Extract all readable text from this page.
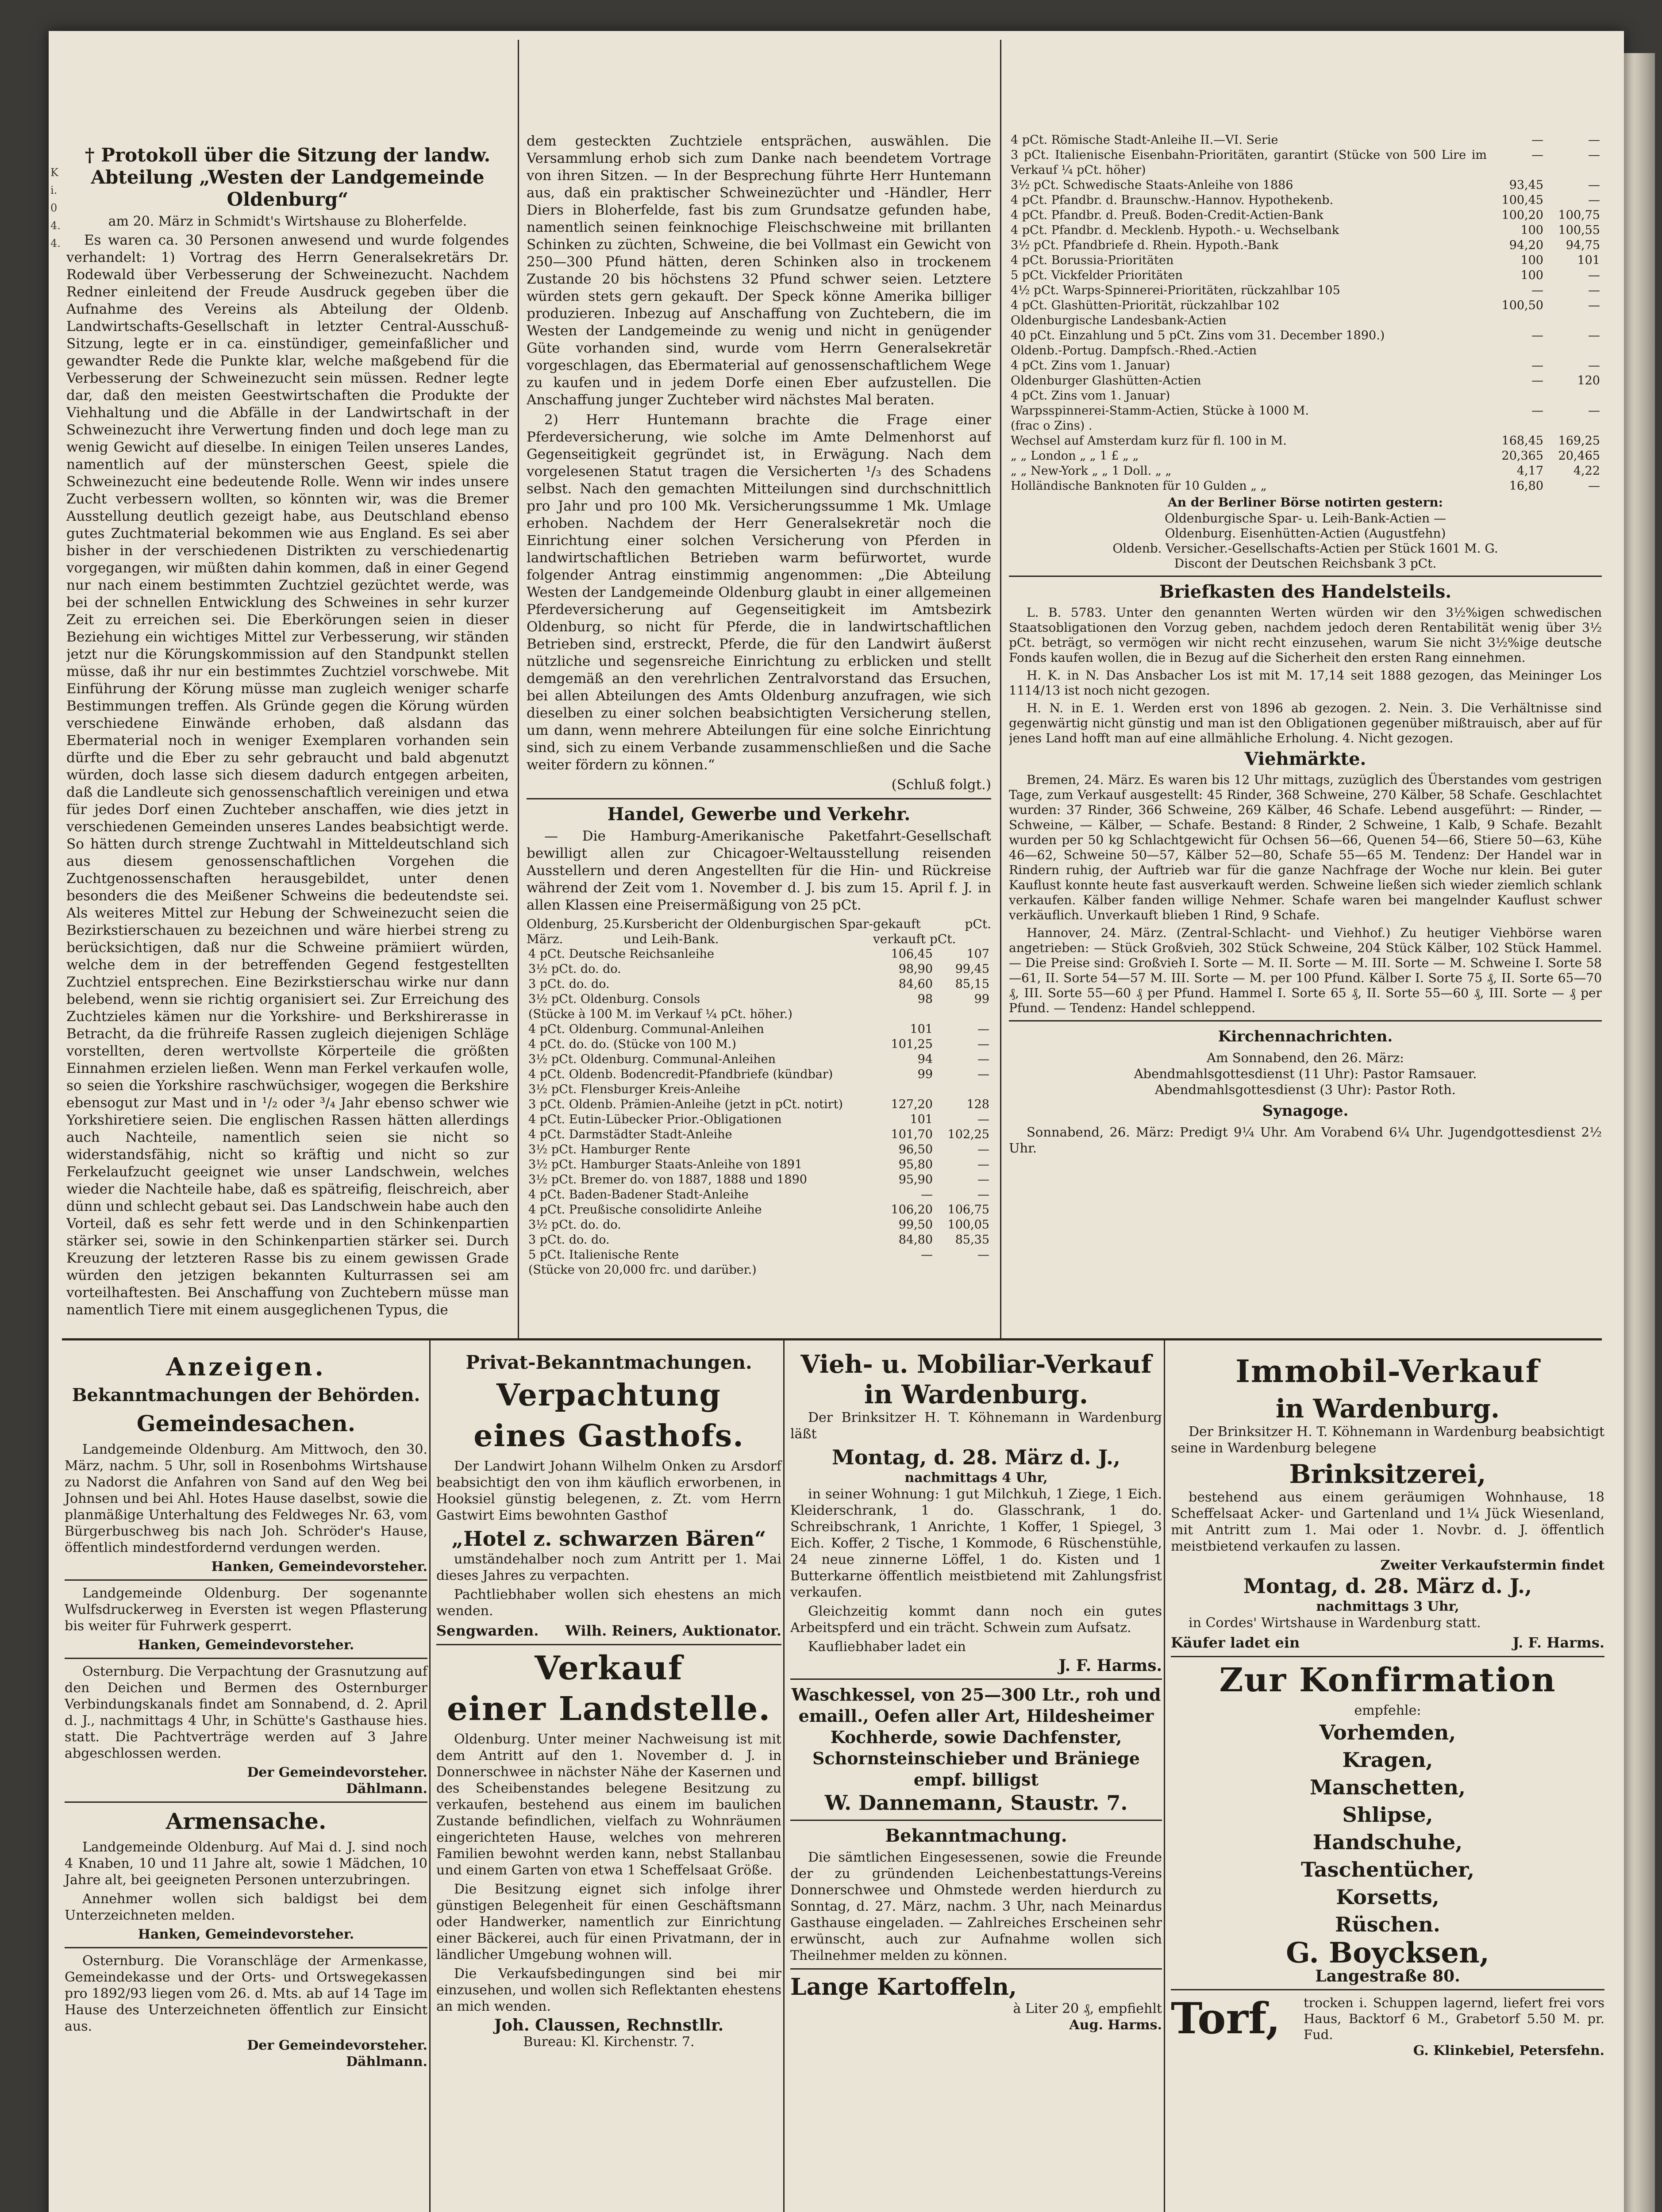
† Protokoll über die Sitzung der landw. Abteilung „Westen der Landgemeinde Oldenburg“
am 20. März in Schmidt's Wirtshause zu Bloherfelde.

Es waren ca. 30 Personen anwesend und wurde folgendes verhandelt: 1) Vortrag des Herrn Generalsekretärs Dr. Rodewald über Verbesserung der Schweinezucht. Nachdem Redner einleitend der Freude Ausdruck gegeben über die Aufnahme des Vereins als Abteilung der Oldenb. Landwirtschafts-Gesellschaft in letzter Central-Ausschuß-Sitzung, legte er in ca. einstündiger, gemeinfaßlicher und gewandter Rede die Punkte klar, welche maßgebend für die Verbesserung der Schweinezucht sein müssen. Redner legte dar, daß den meisten Geestwirtschaften die Produkte der Viehhaltung und die Abfälle in der Landwirtschaft in der Schweinezucht ihre Verwertung finden und doch lege man zu wenig Gewicht auf dieselbe. In einigen Teilen unseres Landes, namentlich auf der münsterschen Geest, spiele die Schweinezucht eine bedeutende Rolle. Wenn wir indes unsere Zucht verbessern wollten, so könnten wir, was die Bremer Ausstellung deutlich gezeigt habe, aus Deutschland ebenso gutes Zuchtmaterial bekommen wie aus England. Es sei aber bisher in der verschiedenen Distrikten zu verschiedenartig vorgegangen, wir müßten dahin kommen, daß in einer Gegend nur nach einem bestimmten Zuchtziel gezüchtet werde, was bei der schnellen Entwicklung des Schweines in sehr kurzer Zeit zu erreichen sei. Die Eberkörungen seien in dieser Beziehung ein wichtiges Mittel zur Verbesserung, wir ständen jetzt nur die Körungskommission auf den Standpunkt stellen müsse, daß ihr nur ein bestimmtes Zuchtziel vorschwebe. Mit Einführung der Körung müsse man zugleich weniger scharfe Bestimmungen treffen. Als Gründe gegen die Körung würden verschiedene Einwände erhoben, daß alsdann das Ebermaterial noch in weniger Exemplaren vorhanden sein dürfte und die Eber zu sehr gebraucht und bald abgenutzt würden, doch lasse sich diesem dadurch entgegen arbeiten, daß die Landleute sich genossenschaftlich vereinigen und etwa für jedes Dorf einen Zuchteber anschaffen, wie dies jetzt in verschiedenen Gemeinden unseres Landes beabsichtigt werde. So hätten durch strenge Zuchtwahl in Mitteldeutschland sich aus diesem genossenschaftlichen Vorgehen die Zuchtgenossenschaften herausgebildet, unter denen besonders die des Meißener Schweins die bedeutendste sei. Als weiteres Mittel zur Hebung der Schweinezucht seien die Bezirkstierschauen zu bezeichnen und wäre hierbei streng zu berücksichtigen, daß nur die Schweine prämiiert würden, welche dem in der betreffenden Gegend festgestellten Zuchtziel entsprechen. Eine Bezirkstierschau wirke nur dann belebend, wenn sie richtig organisiert sei. Zur Erreichung des Zuchtzieles kämen nur die Yorkshire- und Berkshirerasse in Betracht, da die frühreife Rassen zugleich diejenigen Schläge vorstellten, deren wertvollste Körperteile die größten Einnahmen erzielen ließen. Wenn man Ferkel verkaufen wolle, so seien die Yorkshire raschwüchsiger, wogegen die Berkshire ebensogut zur Mast und in ¹/₂ oder ³/₄ Jahr ebenso schwer wie Yorkshiretiere seien. Die englischen Rassen hätten allerdings auch Nachteile, namentlich seien sie nicht so widerstandsfähig, nicht so kräftig und nicht so zur Ferkelaufzucht geeignet wie unser Landschwein, welches wieder die Nachteile habe, daß es spätreifig, fleischreich, aber dünn und schlecht gebaut sei. Das Landschwein habe auch den Vorteil, daß es sehr fett werde und in den Schinkenpartien stärker sei, sowie in den Schinkenpartien stärker sei. Durch Kreuzung der letzteren Rasse bis zu einem gewissen Grade würden den jetzigen bekannten Kulturrassen sei am vorteilhaftesten. Bei Anschaffung von Zuchtebern müsse man namentlich Tiere mit einem ausgeglichenen Typus, die

dem gesteckten Zuchtziele entsprächen, auswählen. Die Versammlung erhob sich zum Danke nach beendetem Vortrage von ihren Sitzen. — In der Besprechung führte Herr Huntemann aus, daß ein praktischer Schweinezüchter und -Händler, Herr Diers in Bloherfelde, fast bis zum Grundsatze gefunden habe, namentlich seinen feinknochige Fleischschweine mit brillanten Schinken zu züchten, Schweine, die bei Vollmast ein Gewicht von 250—300 Pfund hätten, deren Schinken also in trockenem Zustande 20 bis höchstens 32 Pfund schwer seien. Letztere würden stets gern gekauft. Der Speck könne Amerika billiger produzieren. Inbezug auf Anschaffung von Zuchtebern, die im Westen der Landgemeinde zu wenig und nicht in genügender Güte vorhanden sind, wurde vom Herrn Generalsekretär vorgeschlagen, das Ebermaterial auf genossenschaftlichem Wege zu kaufen und in jedem Dorfe einen Eber aufzustellen. Die Anschaffung junger Zuchteber wird nächstes Mal beraten.

2) Herr Huntemann brachte die Frage einer Pferdeversicherung, wie solche im Amte Delmenhorst auf Gegenseitigkeit gegründet ist, in Erwägung. Nach dem vorgelesenen Statut tragen die Versicherten ¹/₃ des Schadens selbst. Nach den gemachten Mitteilungen sind durchschnittlich pro Jahr und pro 100 Mk. Versicherungssumme 1 Mk. Umlage erhoben. Nachdem der Herr Generalsekretär noch die Einrichtung einer solchen Versicherung von Pferden in landwirtschaftlichen Betrieben warm befürwortet, wurde folgender Antrag einstimmig angenommen: „Die Abteilung Westen der Landgemeinde Oldenburg glaubt in einer allgemeinen Pferdeversicherung auf Gegenseitigkeit im Amtsbezirk Oldenburg, so nicht für Pferde, die in landwirtschaftlichen Betrieben sind, erstreckt, Pferde, die für den Landwirt äußerst nützliche und segensreiche Einrichtung zu erblicken und stellt demgemäß an den verehrlichen Zentralvorstand das Ersuchen, bei allen Abteilungen des Amts Oldenburg anzufragen, wie sich dieselben zu einer solchen beabsichtigten Versicherung stellen, um dann, wenn mehrere Abteilungen für eine solche Einrichtung sind, sich zu einem Verbande zusammenschließen und die Sache weiter fördern zu können.“

(Schluß folgt.)
Handel, Gewerbe und Verkehr.

— Die Hamburg-Amerikanische Paketfahrt-Gesellschaft bewilligt allen zur Chicagoer-Weltausstellung reisenden Ausstellern und deren Angestellten für die Hin- und Rückreise während der Zeit vom 1. November d. J. bis zum 15. April f. J. in allen Klassen eine Preisermäßigung von 25 pCt.

Oldenburg, 25. März.
Kursbericht der Oldenburgischen Spar- und Leih-Bank.
gekauft pCt. verkauft pCt.
4 pCt. Deutsche Reichsanleihe	106,45	107
3½ pCt. do. do.	98,90	99,45
3 pCt. do. do.	84,60	85,15
3½ pCt. Oldenburg. Consols	98	99
(Stücke à 100 M. im Verkauf ¼ pCt. höher.)		
4 pCt. Oldenburg. Communal-Anleihen	101	—
4 pCt. do. do. (Stücke von 100 M.)	101,25	—
3½ pCt. Oldenburg. Communal-Anleihen	94	—
4 pCt. Oldenb. Bodencredit-Pfandbriefe (kündbar)	99	—
3½ pCt. Flensburger Kreis-Anleihe		
3 pCt. Oldenb. Prämien-Anleihe (jetzt in pCt. notirt)	127,20	128
4 pCt. Eutin-Lübecker Prior.-Obligationen	101	—
4 pCt. Darmstädter Stadt-Anleihe	101,70	102,25
3½ pCt. Hamburger Rente	96,50	—
3½ pCt. Hamburger Staats-Anleihe von 1891	95,80	—
3½ pCt. Bremer do. von 1887, 1888 und 1890	95,90	—
4 pCt. Baden-Badener Stadt-Anleihe	—	—
4 pCt. Preußische consolidirte Anleihe	106,20	106,75
3½ pCt. do. do.	99,50	100,05
3 pCt. do. do.	84,80	85,35
5 pCt. Italienische Rente	—	—
(Stücke von 20,000 frc. und darüber.)		
4 pCt. Römische Stadt-Anleihe II.—VI. Serie	—	—
3 pCt. Italienische Eisenbahn-Prioritäten, garantirt (Stücke von 500 Lire im Verkauf ¼ pCt. höher)	—	—
3½ pCt. Schwedische Staats-Anleihe von 1886	93,45	—
4 pCt. Pfandbr. d. Braunschw.-Hannov. Hypothekenb.	100,45	—
4 pCt. Pfandbr. d. Preuß. Boden-Credit-Actien-Bank	100,20	100,75
4 pCt. Pfandbr. d. Mecklenb. Hypoth.- u. Wechselbank	100	100,55
3½ pCt. Pfandbriefe d. Rhein. Hypoth.-Bank	94,20	94,75
4 pCt. Borussia-Prioritäten	100	101
5 pCt. Vickfelder Prioritäten	100	—
4½ pCt. Warps-Spinnerei-Prioritäten, rückzahlbar 105	—	—
4 pCt. Glashütten-Priorität, rückzahlbar 102	100,50	—
Oldenburgische Landesbank-Actien		
40 pCt. Einzahlung und 5 pCt. Zins vom 31. December 1890.)	—	—
Oldenb.-Portug. Dampfsch.-Rhed.-Actien		
4 pCt. Zins vom 1. Januar)	—	—
Oldenburger Glashütten-Actien	—	120
4 pCt. Zins vom 1. Januar)		
Warpsspinnerei-Stamm-Actien, Stücke à 1000 M.	—	—
(frac o Zins) .		
Wechsel auf Amsterdam kurz für fl. 100 in M.	168,45	169,25
„ „ London „ „ 1 £ „ „	20,365	20,465
„ „ New-York „ „ 1 Doll. „ „	4,17	4,22
Holländische Banknoten für 10 Gulden „ „	16,80	—
An der Berliner Börse notirten gestern:
Oldenburgische Spar- u. Leih-Bank-Actien —
Oldenburg. Eisenhütten-Actien (Augustfehn)
Oldenb. Versicher.-Gesellschafts-Actien per Stück 1601 M. G.
Discont der Deutschen Reichsbank 3 pCt.
Briefkasten des Handelsteils.

L. B. 5783. Unter den genannten Werten würden wir den 3½%igen schwedischen Staatsobligationen den Vorzug geben, nachdem jedoch deren Rentabilität wenig über 3½ pCt. beträgt, so vermögen wir nicht recht einzusehen, warum Sie nicht 3½%ige deutsche Fonds kaufen wollen, die in Bezug auf die Sicherheit den ersten Rang einnehmen.

H. K. in N. Das Ansbacher Los ist mit M. 17,14 seit 1888 gezogen, das Meininger Los 1114/13 ist noch nicht gezogen.

H. N. in E. 1. Werden erst von 1896 ab gezogen. 2. Nein. 3. Die Verhältnisse sind gegenwärtig nicht günstig und man ist den Obligationen gegenüber mißtrauisch, aber auf für jenes Land hofft man auf eine allmähliche Erholung. 4. Nicht gezogen.

Viehmärkte.

Bremen, 24. März. Es waren bis 12 Uhr mittags, zuzüglich des Überstandes vom gestrigen Tage, zum Verkauf ausgestellt: 45 Rinder, 368 Schweine, 270 Kälber, 58 Schafe. Geschlachtet wurden: 37 Rinder, 366 Schweine, 269 Kälber, 46 Schafe. Lebend ausgeführt: — Rinder, — Schweine, — Kälber, — Schafe. Bestand: 8 Rinder, 2 Schweine, 1 Kalb, 9 Schafe. Bezahlt wurden per 50 kg Schlachtgewicht für Ochsen 56—66, Quenen 54—66, Stiere 50—63, Kühe 46—62, Schweine 50—57, Kälber 52—80, Schafe 55—65 M. Tendenz: Der Handel war in Rindern ruhig, der Auftrieb war für die ganze Nachfrage der Woche nur klein. Bei guter Kauflust konnte heute fast ausverkauft werden. Schweine ließen sich wieder ziemlich schlank verkaufen. Kälber fanden willige Nehmer. Schafe waren bei mangelnder Kauflust schwer verkäuflich. Unverkauft blieben 1 Rind, 9 Schafe.

Hannover, 24. März. (Zentral-Schlacht- und Viehhof.) Zu heutiger Viehbörse waren angetrieben: — Stück Großvieh, 302 Stück Schweine, 204 Stück Kälber, 102 Stück Hammel. — Die Preise sind: Großvieh I. Sorte — M. II. Sorte — M. III. Sorte — M. Schweine I. Sorte 58—61, II. Sorte 54—57 M. III. Sorte — M. per 100 Pfund. Kälber I. Sorte 75 ₰, II. Sorte 65—70 ₰, III. Sorte 55—60 ₰ per Pfund. Hammel I. Sorte 65 ₰, II. Sorte 55—60 ₰, III. Sorte — ₰ per Pfund. — Tendenz: Handel schleppend.

Kirchennachrichten.
Am Sonnabend, den 26. März:
Abendmahlsgottesdienst (11 Uhr): Pastor Ramsauer.
Abendmahlsgottesdienst (3 Uhr): Pastor Roth.
Synagoge.

Sonnabend, 26. März: Predigt 9¼ Uhr. Am Vorabend 6¼ Uhr. Jugendgottesdienst 2½ Uhr.

Anzeigen.
Bekanntmachungen der Behörden.
Gemeindesachen.

Landgemeinde Oldenburg. Am Mittwoch, den 30. März, nachm. 5 Uhr, soll in Rosenbohms Wirtshause zu Nadorst die Anfahren von Sand auf den Weg bei Johnsen und bei Ahl. Hotes Hause daselbst, sowie die planmäßige Unterhaltung des Feldweges Nr. 63, vom Bürgerbuschweg bis nach Joh. Schröder's Hause, öffentlich mindestfordernd verdungen werden.

Hanken, Gemeindevorsteher.

Landgemeinde Oldenburg. Der sogenannte Wulfsdruckerweg in Eversten ist wegen Pflasterung bis weiter für Fuhrwerk gesperrt.

Hanken, Gemeindevorsteher.

Osternburg. Die Verpachtung der Grasnutzung auf den Deichen und Bermen des Osternburger Verbindungskanals findet am Sonnabend, d. 2. April d. J., nachmittags 4 Uhr, in Schütte's Gasthause hies. statt. Die Pachtverträge werden auf 3 Jahre abgeschlossen werden.

Der Gemeindevorsteher.
Dählmann.
Armensache.

Landgemeinde Oldenburg. Auf Mai d. J. sind noch 4 Knaben, 10 und 11 Jahre alt, sowie 1 Mädchen, 10 Jahre alt, bei geeigneten Personen unterzubringen.

Annehmer wollen sich baldigst bei dem Unterzeichneten melden.

Hanken, Gemeindevorsteher.

Osternburg. Die Voranschläge der Armenkasse, Gemeindekasse und der Orts- und Ortswegekassen pro 1892/93 liegen vom 26. d. Mts. ab auf 14 Tage im Hause des Unterzeichneten öffentlich zur Einsicht aus.

Der Gemeindevorsteher.
Dählmann.
Privat-Bekanntmachungen.
Verpachtung
eines Gasthofs.

Der Landwirt Johann Wilhelm Onken zu Arsdorf beabsichtigt den von ihm käuflich erworbenen, in Hooksiel günstig belegenen, z. Zt. vom Herrn Gastwirt Eims bewohnten Gasthof

„Hotel z. schwarzen Bären“

umständehalber noch zum Antritt per 1. Mai dieses Jahres zu verpachten.

Pachtliebhaber wollen sich ehestens an mich wenden.

Sengwarden. Wilh. Reiners, Auktionator.
Verkauf
einer Landstelle.

Oldenburg. Unter meiner Nachweisung ist mit dem Antritt auf den 1. November d. J. in Donnerschwee in nächster Nähe der Kasernen und des Scheibenstandes belegene Besitzung zu verkaufen, bestehend aus einem im baulichen Zustande befindlichen, vielfach zu Wohnräumen eingerichteten Hause, welches von mehreren Familien bewohnt werden kann, nebst Stallanbau und einem Garten von etwa 1 Scheffelsaat Größe.

Die Besitzung eignet sich infolge ihrer günstigen Belegenheit für einen Geschäftsmann oder Handwerker, namentlich zur Einrichtung einer Bäckerei, auch für einen Privatmann, der in ländlicher Umgebung wohnen will.

Die Verkaufsbedingungen sind bei mir einzusehen, und wollen sich Reflektanten ehestens an mich wenden.

Joh. Claussen, Rechnstllr.
Bureau: Kl. Kirchenstr. 7.
Vieh- u. Mobiliar-Verkauf
in Wardenburg.

Der Brinksitzer H. T. Köhnemann in Wardenburg läßt

Montag, d. 28. März d. J.,
nachmittags 4 Uhr,

in seiner Wohnung: 1 gut Milchkuh, 1 Ziege, 1 Eich. Kleiderschrank, 1 do. Glasschrank, 1 do. Schreibschrank, 1 Anrichte, 1 Koffer, 1 Spiegel, 3 Eich. Koffer, 2 Tische, 1 Kommode, 6 Rüschenstühle, 24 neue zinnerne Löffel, 1 do. Kisten und 1 Butterkarne öffentlich meistbietend mit Zahlungsfrist verkaufen.

Gleichzeitig kommt dann noch ein gutes Arbeitspferd und ein trächt. Schwein zum Aufsatz.

Kaufliebhaber ladet ein

J. F. Harms.
Waschkessel, von 25—300 Ltr., roh und emaill., Oefen aller Art, Hildesheimer Kochherde, sowie Dachfenster, Schornsteinschieber und Bräniege empf. billigst
W. Dannemann, Staustr. 7.
Bekanntmachung.

Die sämtlichen Eingesessenen, sowie die Freunde der zu gründenden Leichenbestattungs-Vereins Donnerschwee und Ohmstede werden hierdurch zu Sonntag, d. 27. März, nachm. 3 Uhr, nach Meinardus Gasthause eingeladen. — Zahlreiches Erscheinen sehr erwünscht, auch zur Aufnahme wollen sich Theilnehmer melden zu können.

Lange Kartoffeln,
à Liter 20 ₰, empfiehlt
Aug. Harms.
Immobil-Verkauf
in Wardenburg.

Der Brinksitzer H. T. Köhnemann in Wardenburg beabsichtigt seine in Wardenburg belegene

Brinksitzerei,

bestehend aus einem geräumigen Wohnhause, 18 Scheffelsaat Acker- und Gartenland und 1¼ Jück Wiesenland, mit Antritt zum 1. Mai oder 1. Novbr. d. J. öffentlich meistbietend verkaufen zu lassen.

Zweiter Verkaufstermin findet
Montag, d. 28. März d. J.,
nachmittags 3 Uhr,

in Cordes' Wirtshause in Wardenburg statt.

Käufer ladet ein	J. F. Harms.
Zur Konfirmation
empfehle:
Vorhemden,
Kragen,
Manschetten,
Shlipse,
Handschuhe,
Taschentücher,
Korsetts,
Rüschen.
G. Boycksen,
Langestraße 80.
Torf,	trocken i. Schuppen lagernd, liefert frei vors Haus, Backtorf 6 M., Grabetorf 5.50 M. pr. Fud.
G. Klinkebiel, Petersfehn.
Ki. 04. 4.
